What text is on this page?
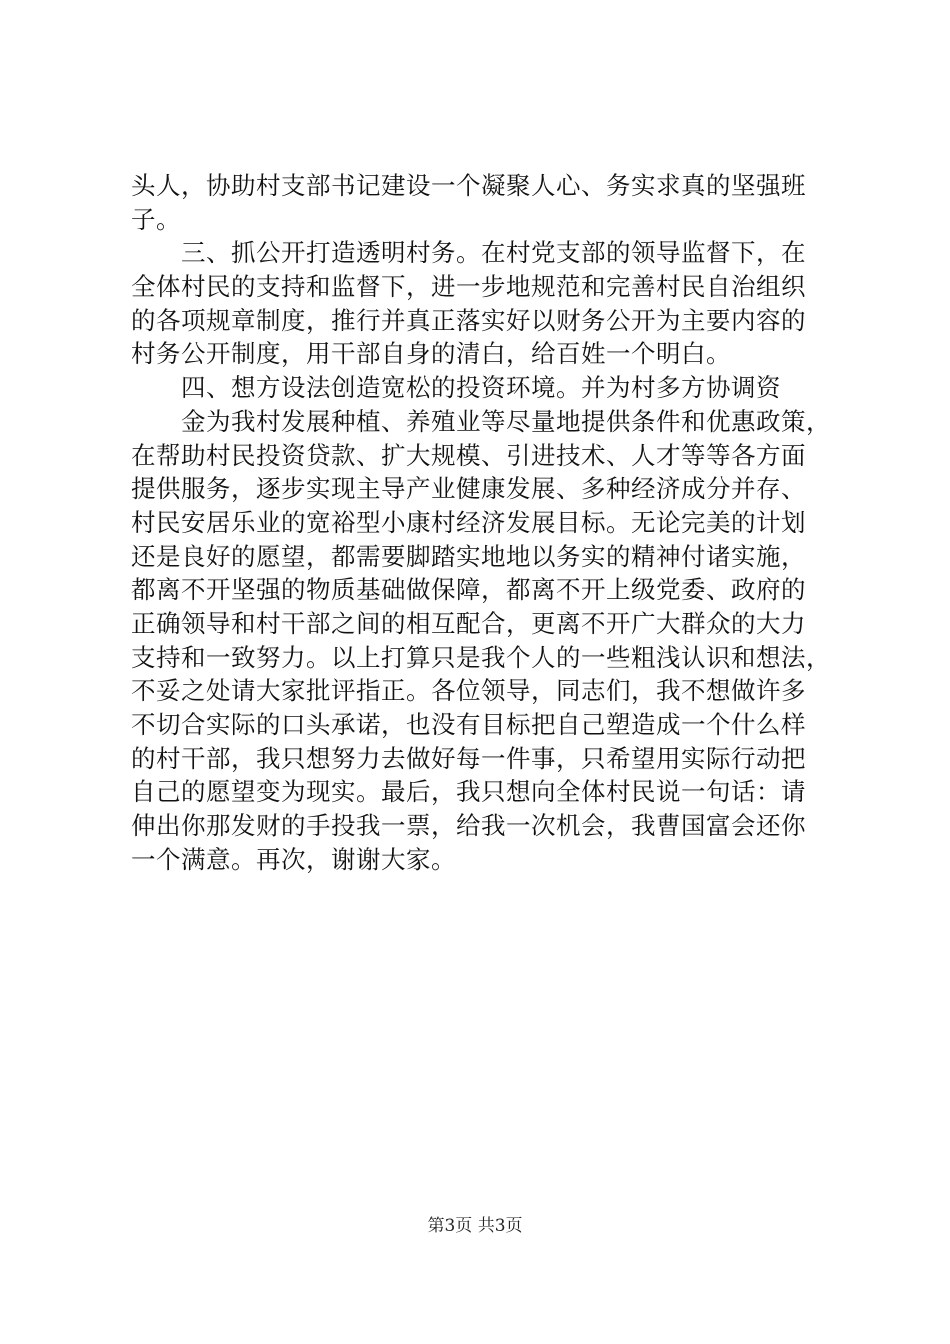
头人，协助村支部书记建设一个凝聚人心、务实求真的坚强班
子。
　　三、抓公开打造透明村务。在村党支部的领导监督下，在
全体村民的支持和监督下，进一步地规范和完善村民自治组织
的各项规章制度，推行并真正落实好以财务公开为主要内容的
村务公开制度，用干部自身的清白，给百姓一个明白。
　　四、想方设法创造宽松的投资环境。并为村多方协调资
　　金为我村发展种植、养殖业等尽量地提供条件和优惠政策，
在帮助村民投资贷款、扩大规模、引进技术、人才等等各方面
提供服务，逐步实现主导产业健康发展、多种经济成分并存、
村民安居乐业的宽裕型小康村经济发展目标。无论完美的计划
还是良好的愿望，都需要脚踏实地地以务实的精神付诸实施，
都离不开坚强的物质基础做保障，都离不开上级党委、政府的
正确领导和村干部之间的相互配合，更离不开广大群众的大力
支持和一致努力。以上打算只是我个人的一些粗浅认识和想法，
不妥之处请大家批评指正。各位领导，同志们，我不想做许多
不切合实际的口头承诺，也没有目标把自己塑造成一个什么样
的村干部，我只想努力去做好每一件事，只希望用实际行动把
自己的愿望变为现实。最后，我只想向全体村民说一句话：请
伸出你那发财的手投我一票，给我一次机会，我曹国富会还你
一个满意。再次，谢谢大家。
第3页 共3页
